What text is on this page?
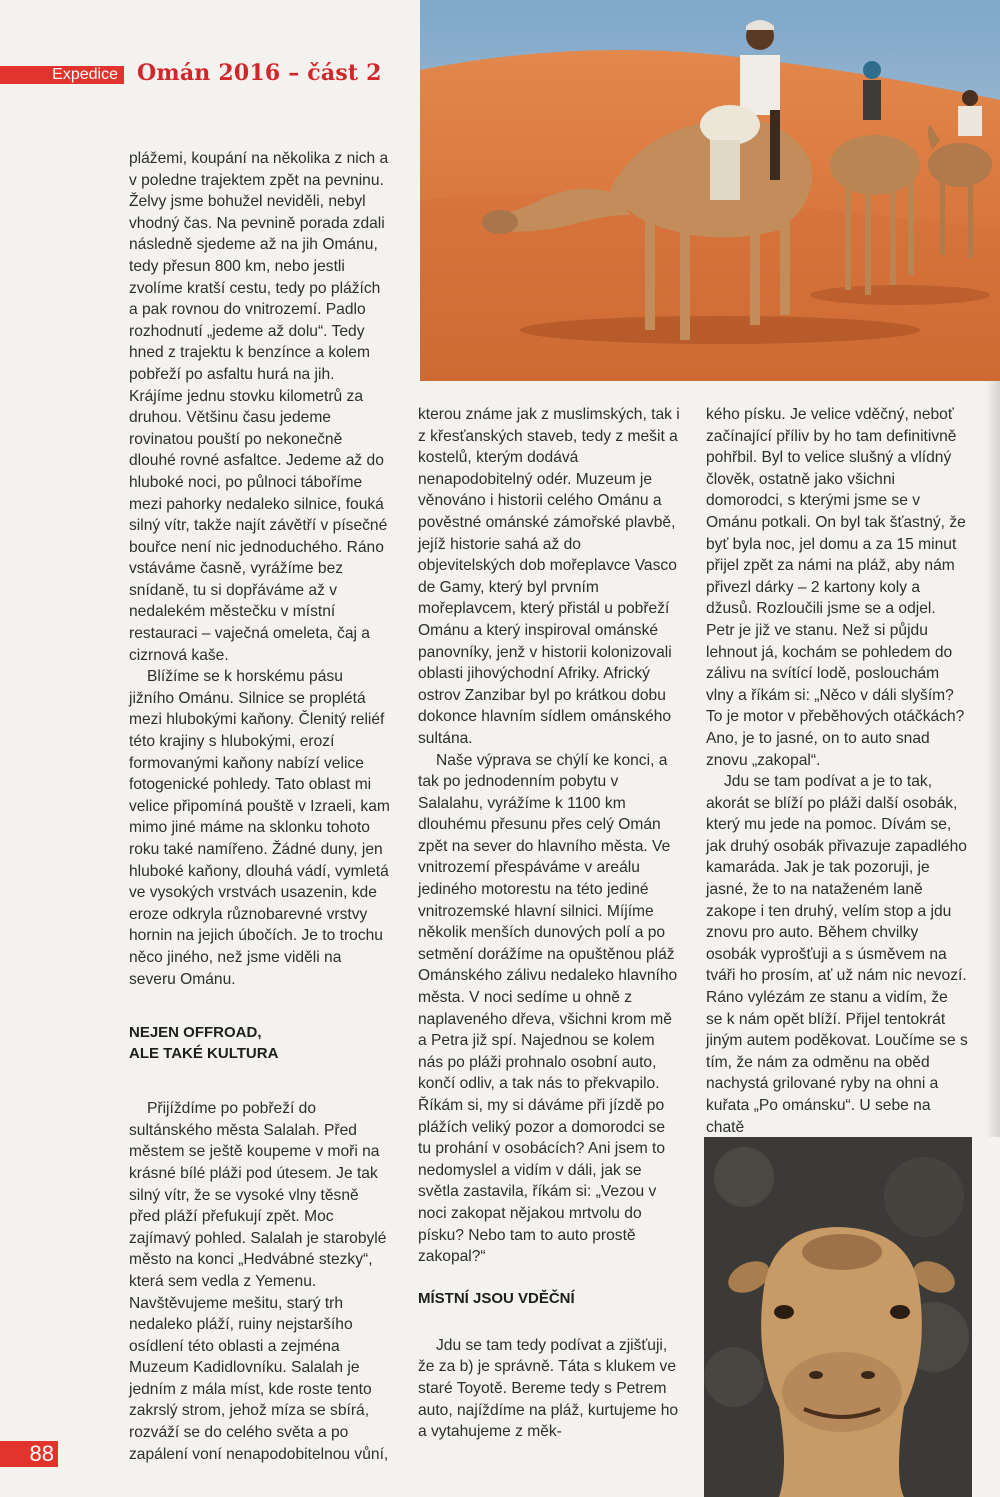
Expedice Omán 2016 – část 2

plážemi, koupání na několika z nich a v poledne trajektem zpět na pevninu. Želvy jsme bohužel neviděli, nebyl vhodný čas. Na pevnině porada zdali následně sjedeme až na jih Ománu, tedy přesun 800 km, nebo jestli zvolíme kratší cestu, tedy po plážích a pak rovnou do vnitrozemí. Padlo rozhodnutí „jedeme až dolu“. Tedy hned z trajektu k benzínce a kolem pobřeží po asfaltu hurá na jih. Krájíme jednu stovku kilometrů za druhou. Většinu času jedeme rovinatou pouští po nekonečně dlouhé rovné asfaltce. Jedeme až do hluboké noci, po půlnoci táboříme mezi pahorky nedaleko silnice, fouká silný vítr, takže najít závětří v písečné bouřce není nic jednoduchého. Ráno vstáváme časně, vyrážíme bez snídaně, tu si dopřáváme až v nedalekém městečku v místní restauraci – vaječná omeleta, čaj a cizrnová kaše.

Blížíme se k horskému pásu jižního Ománu. Silnice se proplétá mezi hlubokými kaňony. Členitý reliéf této krajiny s hlubokými, erozí formovanými kaňony nabízí velice fotogenické pohledy. Tato oblast mi velice připomíná pouště v Izraeli, kam mimo jiné máme na sklonku tohoto roku také namířeno. Žádné duny, jen hluboké kaňony, dlouhá vádí, vymletá ve vysokých vrstvách usazenin, kde eroze odkryla různobarevné vrstvy hornin na jejich úbočích. Je to trochu něco jiného, než jsme viděli na severu Ománu.

NEJEN OFFROAD,
ALE TAKÉ KULTURA

Přijíždíme po pobřeží do sultánského města Salalah. Před městem se ještě koupeme v moři na krásné bílé pláži pod útesem. Je tak silný vítr, že se vysoké vlny těsně před pláží přefukují zpět. Moc zajímavý pohled. Salalah je starobylé město na konci „Hedvábné stezky“, která sem vedla z Yemenu. Navštěvujeme mešitu, starý trh nedaleko pláží, ruiny nejstaršího osídlení této oblasti a zejména Muzeum Kadidlovníku. Salalah je jedním z mála míst, kde roste tento zakrslý strom, jehož míza se sbírá, rozváží se do celého světa a po zapálení voní nenapodobitelnou vůní,

kterou známe jak z muslimských, tak i z křesťanských staveb, tedy z mešit a kostelů, kterým dodává nenapodobitelný odér. Muzeum je věnováno i historii celého Ománu a pověstné ománské zámořské plavbě, jejíž historie sahá až do objevitelských dob mořeplavce Vasco de Gamy, který byl prvním mořeplavcem, který přistál u pobřeží Ománu a který inspiroval ománské panovníky, jenž v historii kolonizovali oblasti jihovýchodní Afriky. Africký ostrov Zanzibar byl po krátkou dobu dokonce hlavním sídlem ománského sultána.

Naše výprava se chýlí ke konci, a tak po jednodenním pobytu v Salalahu, vyrážíme k 1100 km dlouhému přesunu přes celý Omán zpět na sever do hlavního města. Ve vnitrozemí přespáváme v areálu jediného motorestu na této jediné vnitrozemské hlavní silnici. Míjíme několik menších dunových polí a po setmění dorážíme na opuštěnou pláž Ománského zálivu nedaleko hlavního města. V noci sedíme u ohně z naplaveného dřeva, všichni krom mě a Petra již spí. Najednou se kolem nás po pláži prohnalo osobní auto, končí odliv, a tak nás to překvapilo. Říkám si, my si dáváme při jízdě po plážích veliký pozor a domorodci se tu prohání v osobácích? Ani jsem to nedomyslel a vidím v dáli, jak se světla zastavila, říkám si: „Vezou v noci zakopat nějakou mrtvolu do písku? Nebo tam to auto prostě zakopal?“

MÍSTNÍ JSOU VDĚČNÍ

Jdu se tam tedy podívat a zjišťuji, že za b) je správně. Táta s klukem ve staré Toyotě. Bereme tedy s Petrem auto, najíždíme na pláž, kurtujeme ho a vytahujeme z měk-

kého písku. Je velice vděčný, neboť začínající příliv by ho tam definitivně pohřbil. Byl to velice slušný a vlídný člověk, ostatně jako všichni domorodci, s kterými jsme se v Ománu potkali. On byl tak šťastný, že byť byla noc, jel domu a za 15 minut přijel zpět za námi na pláž, aby nám přivezl dárky – 2 kartony koly a džusů. Rozloučili jsme se a odjel. Petr je již ve stanu. Než si půjdu lehnout já, kochám se pohledem do zálivu na svítící lodě, poslouchám vlny a říkám si: „Něco v dáli slyším? To je motor v přeběhových otáčkách? Ano, je to jasné, on to auto snad znovu „zakopal“.

Jdu se tam podívat a je to tak, akorát se blíží po pláži další osobák, který mu jede na pomoc. Dívám se, jak druhý osobák přivazuje zapadlého kamaráda. Jak je tak pozoruji, je jasné, že to na nataženém laně zakope i ten druhý, velím stop a jdu znovu pro auto. Během chvilky osobák vyprošťuji a s úsměvem na tváři ho prosím, ať už nám nic nevozí. Ráno vylézám ze stanu a vidím, že se k nám opět blíží. Přijel tentokrát jiným autem poděkovat. Loučíme se s tím, že nám za odměnu na oběd nachystá grilované ryby na ohni a kuřata „Po ománsku“. U sebe na chatě

88
